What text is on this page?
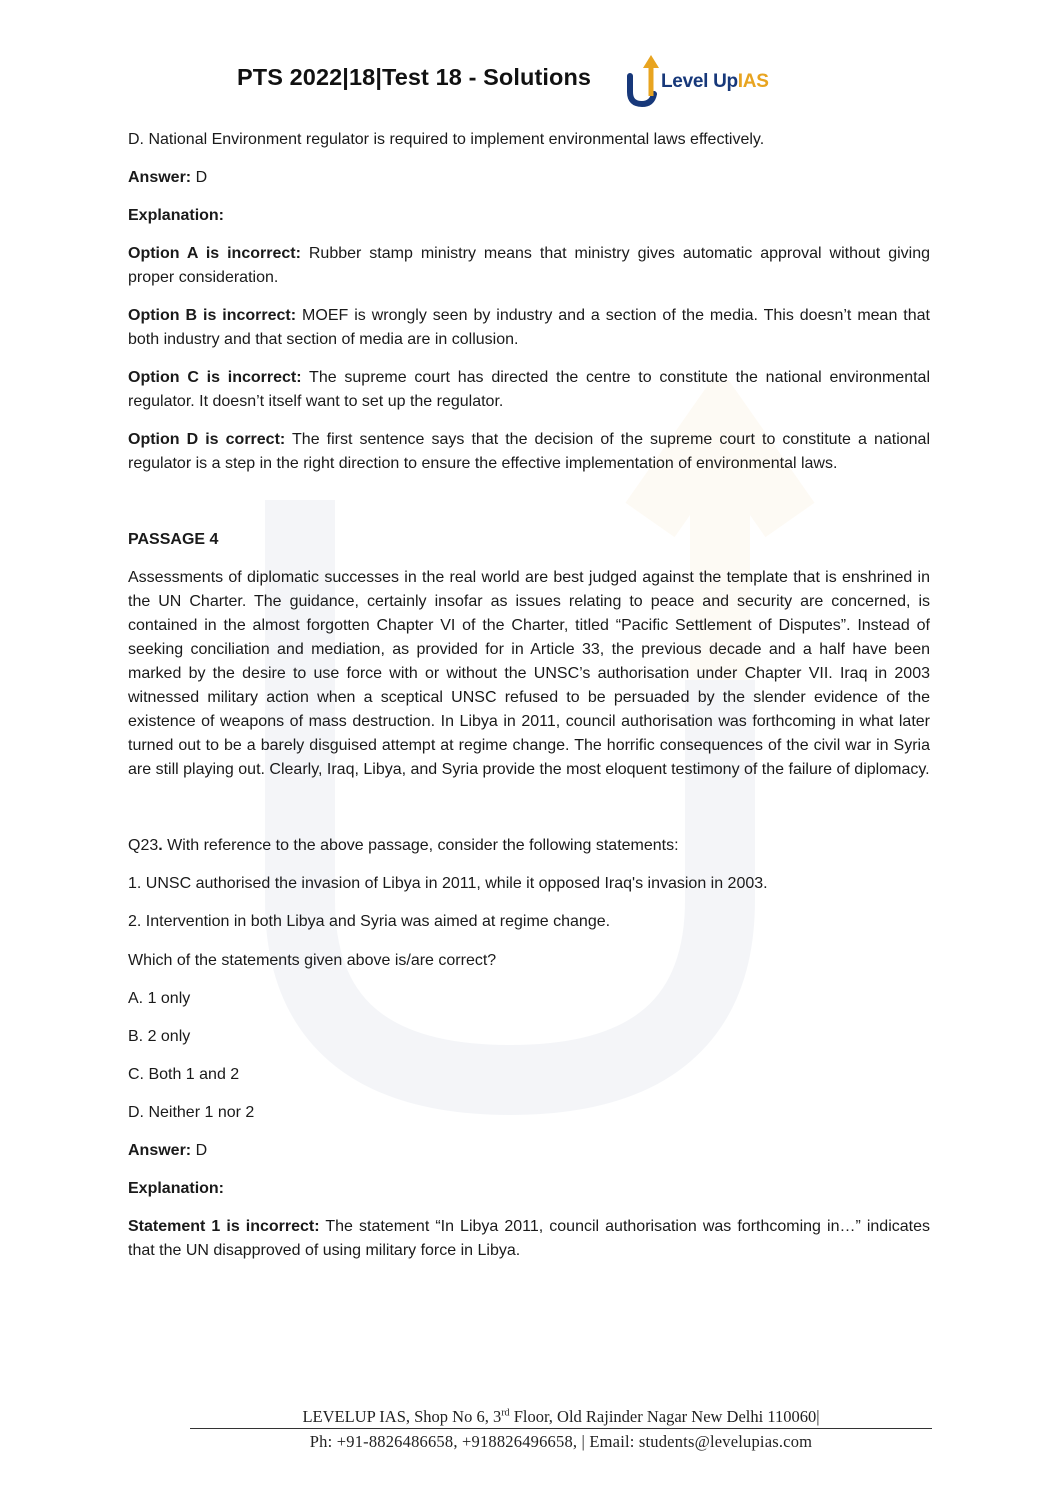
PTS 2022|18|Test 18 - Solutions	Level UpIAS

D. National Environment regulator is required to implement environmental laws effectively.

Answer: D

Explanation:

Option A is incorrect: Rubber stamp ministry means that ministry gives automatic approval without giving proper consideration.

Option B is incorrect: MOEF is wrongly seen by industry and a section of the media. This doesn’t mean that both industry and that section of media are in collusion.

Option C is incorrect: The supreme court has directed the centre to constitute the national environmental regulator. It doesn’t itself want to set up the regulator.

Option D is correct: The first sentence says that the decision of the supreme court to constitute a national regulator is a step in the right direction to ensure the effective implementation of environmental laws.

PASSAGE 4

Assessments of diplomatic successes in the real world are best judged against the template that is enshrined in the UN Charter. The guidance, certainly insofar as issues relating to peace and security are concerned, is contained in the almost forgotten Chapter VI of the Charter, titled “Pacific Settlement of Disputes”. Instead of seeking conciliation and mediation, as provided for in Article 33, the previous decade and a half have been marked by the desire to use force with or without the UNSC’s authorisation under Chapter VII. Iraq in 2003 witnessed military action when a sceptical UNSC refused to be persuaded by the slender evidence of the existence of weapons of mass destruction. In Libya in 2011, council authorisation was forthcoming in what later turned out to be a barely disguised attempt at regime change. The horrific consequences of the civil war in Syria are still playing out. Clearly, Iraq, Libya, and Syria provide the most eloquent testimony of the failure of diplomacy.

Q23. With reference to the above passage, consider the following statements:

1. UNSC authorised the invasion of Libya in 2011, while it opposed Iraq's invasion in 2003.

2. Intervention in both Libya and Syria was aimed at regime change.

Which of the statements given above is/are correct?

A. 1 only

B. 2 only

C. Both 1 and 2

D. Neither 1 nor 2

Answer: D

Explanation:

Statement 1 is incorrect: The statement “In Libya 2011, council authorisation was forthcoming in…” indicates that the UN disapproved of using military force in Libya.

LEVELUP IAS, Shop No 6, 3rd Floor, Old Rajinder Nagar New Delhi 110060|
Ph: +91-8826486658, +918826496658, | Email: students@levelupias.com
